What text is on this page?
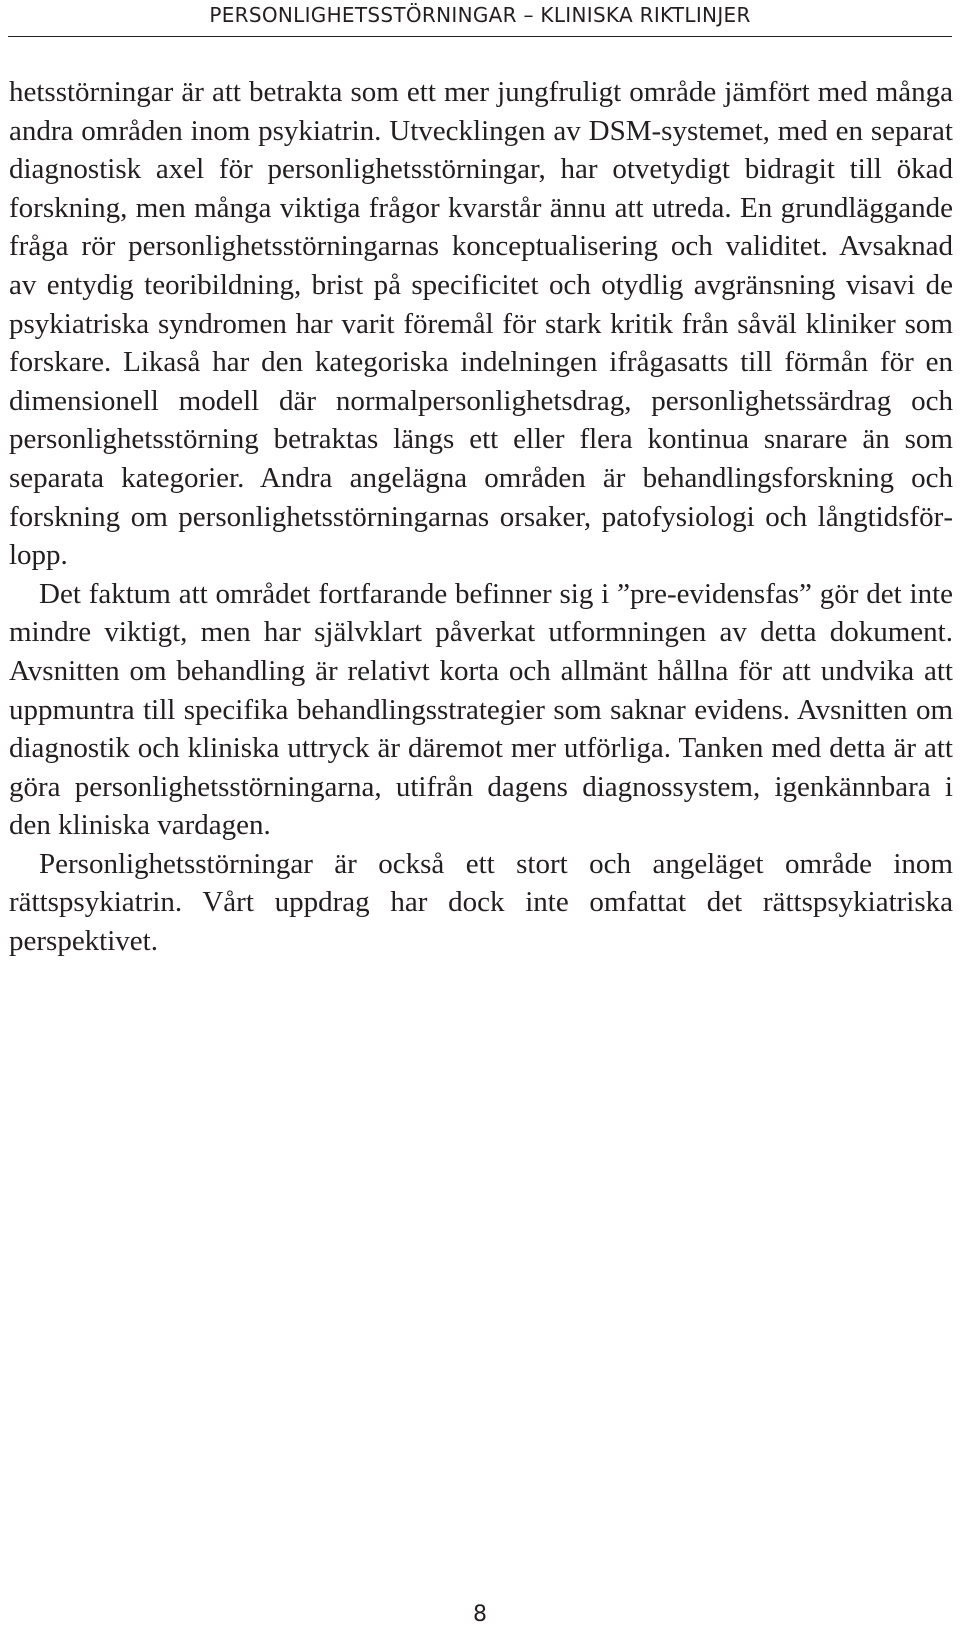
PERSONLIGHETSSTÖRNINGAR – KLINISKA RIKTLINJER

hetsstörningar är att betrakta som ett mer jungfruligt område jämfört med många andra områden inom psykiatrin. Utvecklingen av DSM-systemet, med en separat diagnostisk axel för personlighetsstörningar, har otvetydigt bidragit till ökad forskning, men många viktiga frågor kvarstår ännu att utreda. En grundläggande fråga rör personlighetsstörningarnas konceptualisering och validitet. Avsaknad av entydig teoribildning, brist på specificitet och otydlig avgränsning visavi de psykiatriska syndromen har varit föremål för stark kritik från såväl kliniker som forskare. Likaså har den kategoriska indelningen ifrågasatts till förmån för en dimensionell modell där normalpersonlighetsdrag, personlighetssärdrag och personlighetsstörning betraktas längs ett eller flera kontinua snarare än som separata kategorier. Andra angelägna områden är behandlingsforskning och forskning om personlighetsstörningarnas orsaker, patofysiologi och långtidsförlopp.

Det faktum att området fortfarande befinner sig i ”pre-evidensfas” gör det inte mindre viktigt, men har självklart påverkat utformningen av detta dokument. Avsnitten om behandling är relativt korta och allmänt hållna för att undvika att uppmuntra till specifika behandlingsstrategier som saknar evidens. Avsnitten om diagnostik och kliniska uttryck är däremot mer utförliga. Tanken med detta är att göra personlighetsstörningarna, utifrån dagens diagnossystem, igenkännbara i den kliniska vardagen.

Personlighetsstörningar är också ett stort och angeläget område inom rättspsykiatrin. Vårt uppdrag har dock inte omfattat det rättspsykiatriska perspektivet.

8
